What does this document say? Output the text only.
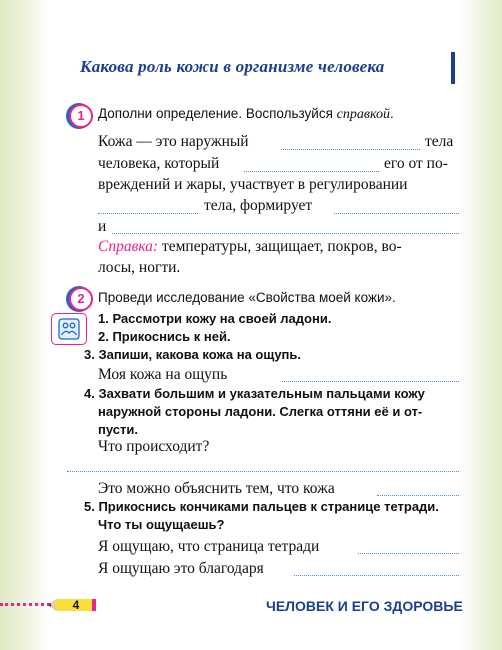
Какова роль кожи в организме человека
1 Дополни определение. Воспользуйся справкой.
Кожа — это наружный	тела
человека, который	его от по-
вреждений и жары, участвует в регулировании
тела, формирует
и
Справка: температуры, защищает, покров, во-
лосы, ногти.
2 Проведи исследование «Свойства моей кожи».
1. Рассмотри кожу на своей ладони.
2. Прикоснись к ней.
3. Запиши, какова кожа на ощупь.
Моя кожа на ощупь
4. Захвати большим и указательным пальцами кожу
наружной стороны ладони. Слегка оттяни её и от-
пусти.
Что происходит?
Это можно объяснить тем, что кожа
5. Прикоснись кончиками пальцев к странице тетради.
Что ты ощущаешь?
Я ощущаю, что страница тетради
Я ощущаю это благодаря
4	ЧЕЛОВЕК И ЕГО ЗДОРОВЬЕ
